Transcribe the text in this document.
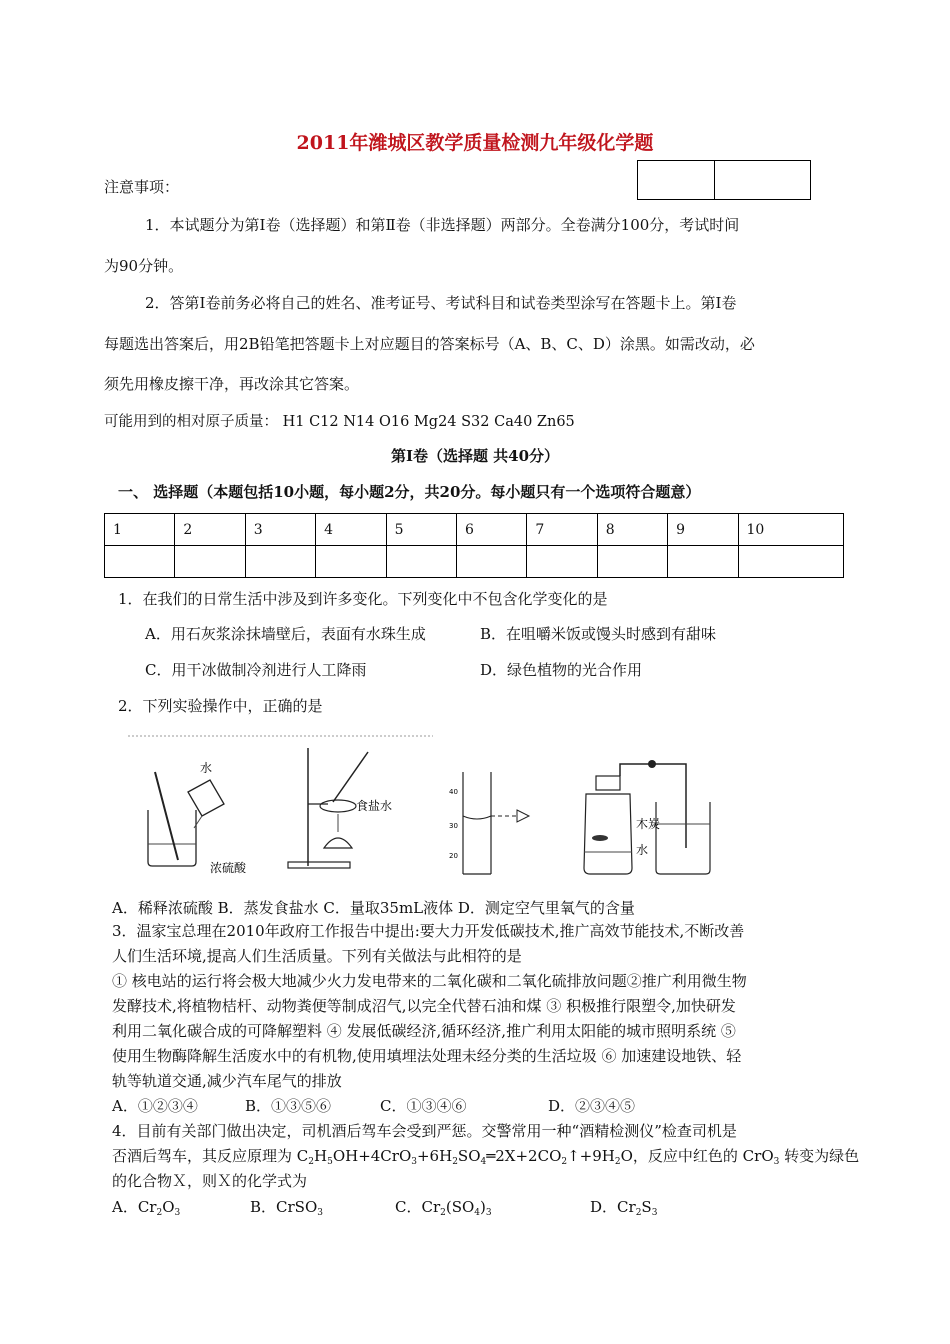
2011年潍城区教学质量检测九年级化学题
注意事项：
1．本试题分为第Ⅰ卷（选择题）和第Ⅱ卷（非选择题）两部分。全卷满分100分，考试时间
为90分钟。
2．答第Ⅰ卷前务必将自己的姓名、准考证号、考试科目和试卷类型涂写在答题卡上。第Ⅰ卷
每题选出答案后，用2B铅笔把答题卡上对应题目的答案标号（A、B、C、D）涂黑。如需改动，必
须先用橡皮擦干净，再改涂其它答案。
可能用到的相对原子质量： H1 C12 N14 O16 Mg24 S32 Ca40 Zn65
第Ⅰ卷（选择题 共40分）
一、 选择题（本题包括10小题，每小题2分，共20分。每小题只有一个选项符合题意）
1	2	3	4	5	6	7	8	9	10

1．在我们的日常生活中涉及到许多变化。下列变化中不包含化学变化的是
A．用石灰浆涂抹墙壁后，表面有水珠生成	B．在咀嚼米饭或馒头时感到有甜味
C．用干冰做制冷剂进行人工降雨	D．绿色植物的光合作用
2．下列实验操作中，正确的是
水
浓硫酸
食盐水
40
30
20
木炭
水
A．稀释浓硫酸 B．蒸发食盐水 C．量取35mL液体 D．测定空气里氧气的含量
3．温家宝总理在2010年政府工作报告中提出:要大力开发低碳技术,推广高效节能技术,不断改善
人们生活环境,提高人们生活质量。下列有关做法与此相符的是
① 核电站的运行将会极大地减少火力发电带来的二氧化碳和二氧化硫排放问题②推广利用微生物
发酵技术,将植物桔杆、动物粪便等制成沼气,以完全代替石油和煤 ③ 积极推行限塑令,加快研发
利用二氧化碳合成的可降解塑料 ④ 发展低碳经济,循环经济,推广利用太阳能的城市照明系统 ⑤
使用生物酶降解生活废水中的有机物,使用填埋法处理未经分类的生活垃圾 ⑥ 加速建设地铁、轻
轨等轨道交通,减少汽车尾气的排放
A．①②③④	B．①③⑤⑥	C．①③④⑥	D．②③④⑤
4．目前有关部门做出决定，司机酒后驾车会受到严惩。交警常用一种“酒精检测仪”检查司机是
否酒后驾车，其反应原理为 $C_2H_5OH+4CrO_3+6H_2SO_4═2X+2CO_2↑+9H_2O$，反应中红色的 CrO$_3$ 转变为绿色
的化合物Ｘ，则Ｘ的化学式为
A．$Cr_2O_3$	B．CrSO$_3$	C．$Cr_2(SO_4)_3$	D．$Cr_2S_3$
